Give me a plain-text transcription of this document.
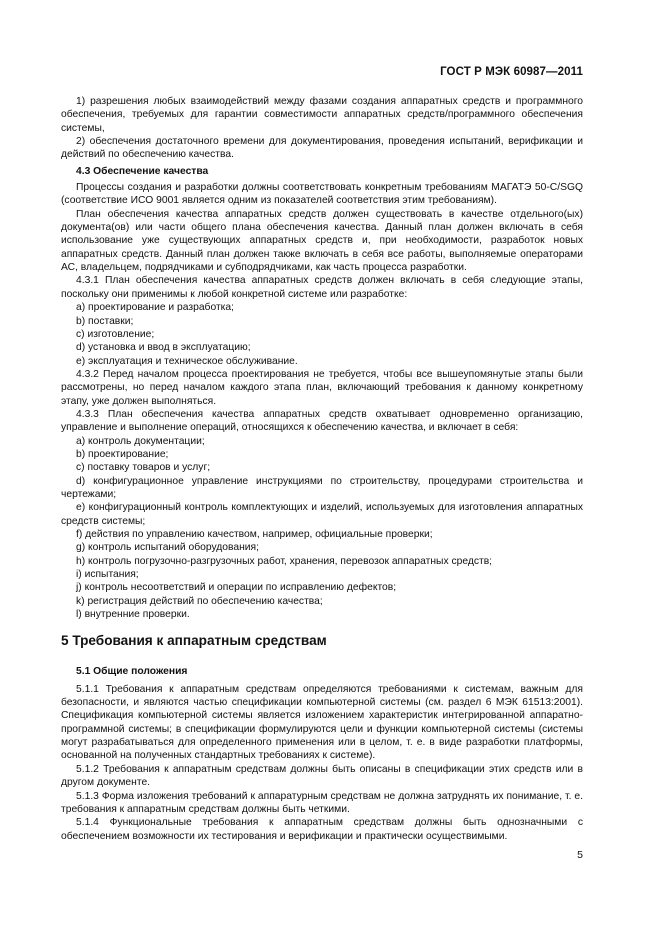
ГОСТ Р МЭК 60987—2011

1) разрешения любых взаимодействий между фазами создания аппаратных средств и программного обеспечения, требуемых для гарантии совместимости аппаратных средств/программного обеспечения системы,

2) обеспечения достаточного времени для документирования, проведения испытаний, верификации и действий по обеспечению качества.

4.3 Обеспечение качества

Процессы создания и разработки должны соответствовать конкретным требованиям МАГАТЭ 50-C/SGQ (соответствие ИСО 9001 является одним из показателей соответствия этим требованиям).

План обеспечения качества аппаратных средств должен существовать в качестве отдельного(ых) документа(ов) или части общего плана обеспечения качества. Данный план должен включать в себя использование уже существующих аппаратных средств и, при необходимости, разработок новых аппаратных средств. Данный план должен также включать в себя все работы, выполняемые операторами АС, владельцем, подрядчиками и субподрядчиками, как часть процесса разработки.

4.3.1 План обеспечения качества аппаратных средств должен включать в себя следующие этапы, поскольку они применимы к любой конкретной системе или разработке:

a) проектирование и разработка;

b) поставки;

c) изготовление;

d) установка и ввод в эксплуатацию;

e) эксплуатация и техническое обслуживание.

4.3.2 Перед началом процесса проектирования не требуется, чтобы все вышеупомянутые этапы были рассмотрены, но перед началом каждого этапа план, включающий требования к данному конкретному этапу, уже должен выполняться.

4.3.3 План обеспечения качества аппаратных средств охватывает одновременно организацию, управление и выполнение операций, относящихся к обеспечению качества, и включает в себя:

a) контроль документации;

b) проектирование;

c) поставку товаров и услуг;

d) конфигурационное управление инструкциями по строительству, процедурами строительства и чертежами;

e) конфигурационный контроль комплектующих и изделий, используемых для изготовления аппаратных средств системы;

f) действия по управлению качеством, например, официальные проверки;

g) контроль испытаний оборудования;

h) контроль погрузочно-разгрузочных работ, хранения, перевозок аппаратных средств;

i) испытания;

j) контроль несоответствий и операции по исправлению дефектов;

k) регистрация действий по обеспечению качества;

l) внутренние проверки.

5 Требования к аппаратным средствам
5.1 Общие положения

5.1.1 Требования к аппаратным средствам определяются требованиями к системам, важным для безопасности, и являются частью спецификации компьютерной системы (см. раздел 6 МЭК 61513:2001). Спецификация компьютерной системы является изложением характеристик интегрированной аппаратно-программной системы; в спецификации формулируются цели и функции компьютерной системы (системы могут разрабатываться для определенного применения или в целом, т. е. в виде разработки платформы, основанной на полученных стандартных требованиях к системе).

5.1.2 Требования к аппаратным средствам должны быть описаны в спецификации этих средств или в другом документе.

5.1.3 Форма изложения требований к аппаратурным средствам не должна затруднять их понимание, т. е. требования к аппаратным средствам должны быть четкими.

5.1.4 Функциональные требования к аппаратным средствам должны быть однозначными с обеспечением возможности их тестирования и верификации и практически осуществимыми.

5
